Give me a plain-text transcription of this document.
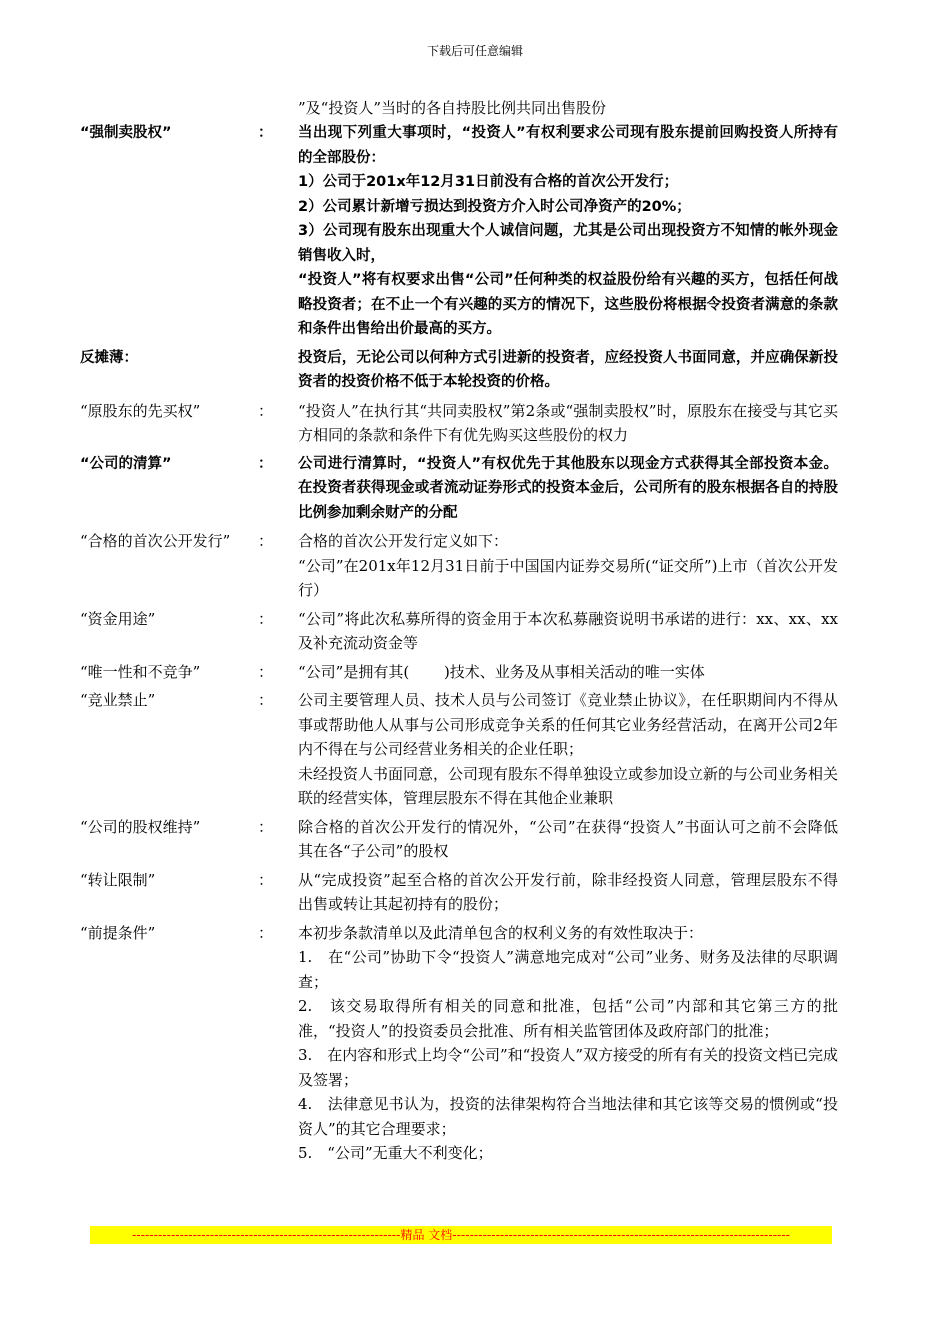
下载后可任意编辑
”及“投资人”当时的各自持股比例共同出售股份
“强制卖股权”	：	当出现下列重大事项时，“投资人”有权利要求公司现有股东提前回购投资人所持有的全部股份：
1）公司于201x年12月31日前没有合格的首次公开发行；
2）公司累计新增亏损达到投资方介入时公司净资产的20%；
3）公司现有股东出现重大个人诚信问题，尤其是公司出现投资方不知情的帐外现金销售收入时，
“投资人”将有权要求出售“公司”任何种类的权益股份给有兴趣的买方，包括任何战略投资者；在不止一个有兴趣的买方的情况下，这些股份将根据令投资者满意的条款和条件出售给出价最高的买方。
反摊薄：	投资后，无论公司以何种方式引进新的投资者，应经投资人书面同意，并应确保新投资者的投资价格不低于本轮投资的价格。
“原股东的先买权”	：	“投资人”在执行其“共同卖股权”第2条或“强制卖股权”时，原股东在接受与其它买方相同的条款和条件下有优先购买这些股份的权力
“公司的清算”	：	公司进行清算时，“投资人”有权优先于其他股东以现金方式获得其全部投资本金。在投资者获得现金或者流动证券形式的投资本金后，公司所有的股东根据各自的持股比例参加剩余财产的分配
“合格的首次公开发行”	：	合格的首次公开发行定义如下：
“公司”在201x年12月31日前于中国国内证券交易所(“证交所”)上市（首次公开发行）
“资金用途”	：	“公司”将此次私募所得的资金用于本次私募融资说明书承诺的进行：xx、xx、xx及补充流动资金等
“唯一性和不竞争”	：	“公司”是拥有其(　　 )技术、业务及从事相关活动的唯一实体
“竞业禁止”	：	公司主要管理人员、技术人员与公司签订《竞业禁止协议》，在任职期间内不得从事或帮助他人从事与公司形成竞争关系的任何其它业务经营活动，在离开公司2年内不得在与公司经营业务相关的企业任职；
未经投资人书面同意，公司现有股东不得单独设立或参加设立新的与公司业务相关联的经营实体，管理层股东不得在其他企业兼职
“公司的股权维持”	：	除合格的首次公开发行的情况外，“公司”在获得“投资人”书面认可之前不会降低其在各“子公司”的股权
“转让限制”	：	从“完成投资”起至合格的首次公开发行前，除非经投资人同意，管理层股东不得出售或转让其起初持有的股份；
“前提条件”	：	本初步条款清单以及此清单包含的权利义务的有效性取决于：
1.　在“公司”协助下令“投资人”满意地完成对“公司”业务、财务及法律的尽职调查；
2.　该交易取得所有相关的同意和批准，包括“公司”内部和其它第三方的批准，“投资人”的投资委员会批准、所有相关监管团体及政府部门的批准；
3.　在内容和形式上均令“公司”和“投资人”双方接受的所有有关的投资文档已完成及签署；
4.　法律意见书认为，投资的法律架构符合当地法律和其它该等交易的惯例或“投资人”的其它合理要求；
5.　“公司”无重大不利变化；
--------------------------------------------------------------精品 文档------------------------------------------------------------------------------
